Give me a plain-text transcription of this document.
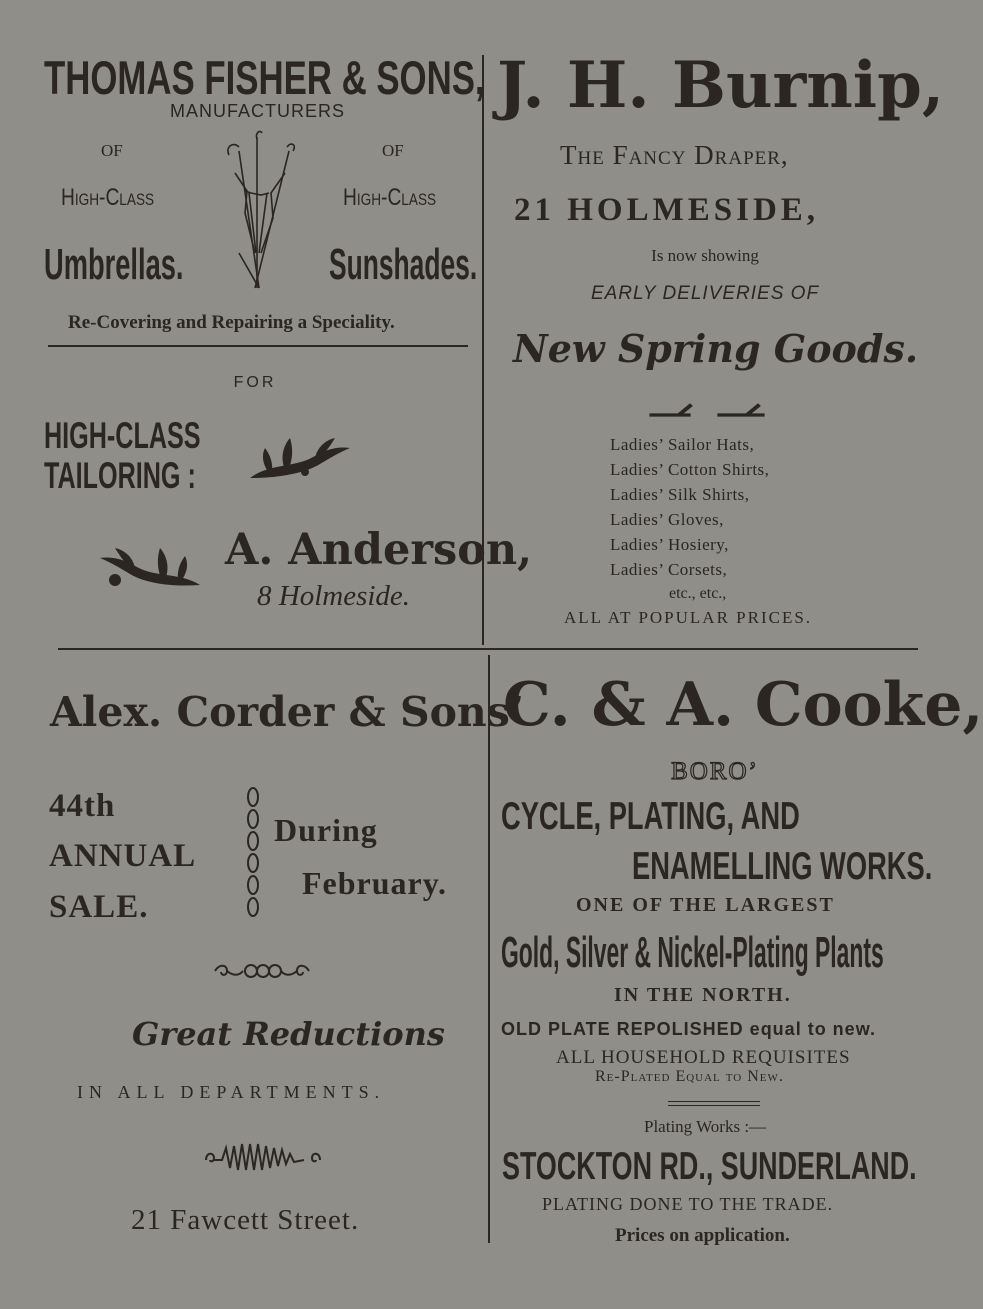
THOMAS FISHER & SONS,
MANUFACTURERS
OF	OF
High-Class	High-Class
Umbrellas.	Sunshades.
Re-Covering and Repairing a Speciality.
FOR
HIGH-CLASS
TAILORING :
A. Anderson,
8 Holmeside.
J. H. Burnip,
The Fancy Draper,
21 HOLMESIDE,
Is now showing
EARLY DELIVERIES OF
New Spring Goods.
Ladies’ Sailor Hats,
Ladies’ Cotton Shirts,
Ladies’ Silk Shirts,
Ladies’ Gloves,
Ladies’ Hosiery,
Ladies’ Corsets,
etc., etc.,
ALL AT POPULAR PRICES.
Alex. Corder & Sons’
44th
ANNUAL
SALE.
During
February.
Great Reductions
IN ALL DEPARTMENTS.
21 Fawcett Street.
C. & A. Cooke,
BORO’
CYCLE, PLATING, AND
ENAMELLING WORKS.
ONE OF THE LARGEST
Gold, Silver & Nickel-Plating Plants
IN THE NORTH.
OLD PLATE REPOLISHED equal to new.
ALL HOUSEHOLD REQUISITES
Re-Plated Equal to New.
Plating Works :—
STOCKTON RD., SUNDERLAND.
PLATING DONE TO THE TRADE.
Prices on application.
